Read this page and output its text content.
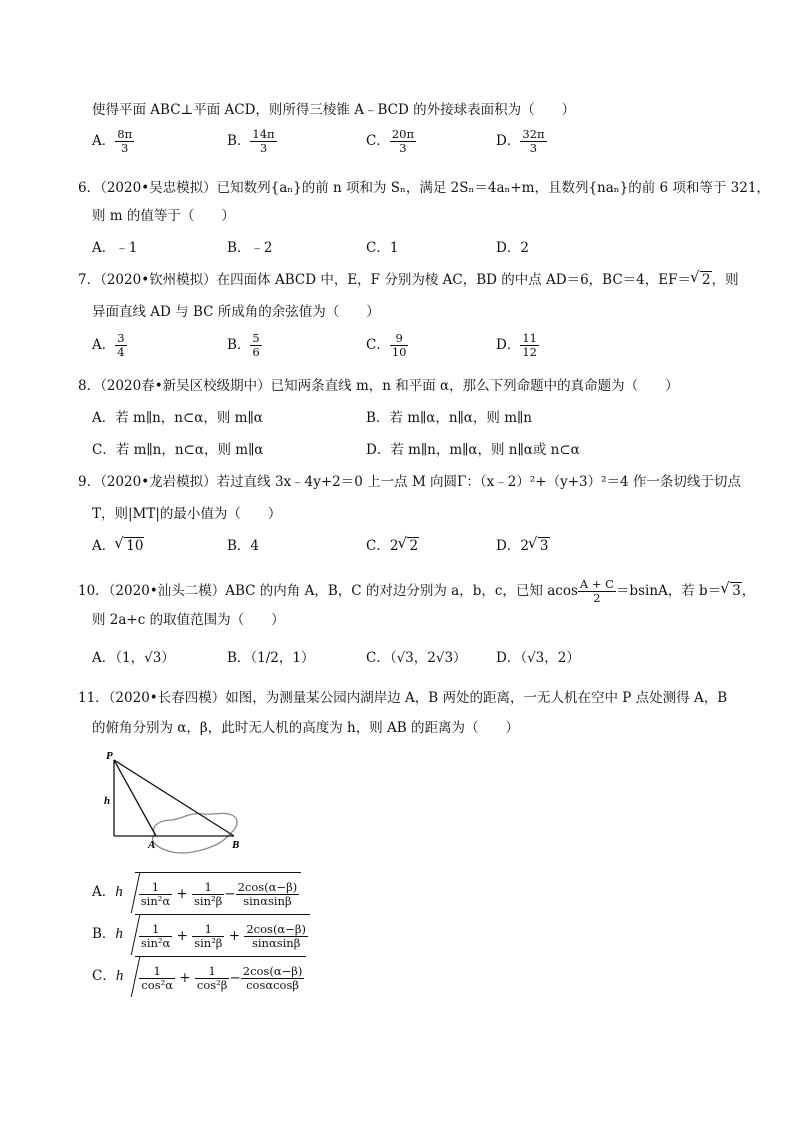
使得平面 ABC⊥平面 ACD，则所得三棱锥 A﹣BCD 的外接球表面积为（　　）
A． $\frac{8\pi}{3}$	B． $\frac{14\pi}{3}$	C． $\frac{20\pi}{3}$	D． $\frac{32\pi}{3}$
6．（2020•吴忠模拟）已知数列{aₙ}的前 n 项和为 Sₙ，满足 2Sₙ＝4aₙ+m，且数列{naₙ}的前 6 项和等于 321，
则 m 的值等于（　　）
A．﹣1	B．﹣2	C．1	D．2
7．（2020•钦州模拟）在四面体 ABCD 中，E，F 分别为棱 AC，BD 的中点 AD＝6，BC＝4，EF＝ √ 2，则
异面直线 AD 与 BC 所成角的余弦值为（　　）
A． $\frac{3}{4}$	B． $\frac{5}{6}$	C． $\frac{9}{10}$	D． $\frac{11}{12}$
8．（2020春•新吴区校级期中）已知两条直线 m，n 和平面 α，那么下列命题中的真命题为（　　）
A．若 m∥n，n⊂α，则 m∥α	B．若 m∥α，n∥α，则 m∥n
C．若 m∥n，n⊂α，则 m∥α	D．若 m∥n，m∥α，则 n∥α或 n⊂α
9．（2020•龙岩模拟）若过直线 3x﹣4y+2＝0 上一点 M 向圆Γ：（x﹣2）²+（y+3）²＝4 作一条切线于切点
T，则|MT|的最小值为（　　）
A． √ 10	B．4	C．2 √ 2	D．2 √ 3
10．（2020•汕头二模）ABC 的内角 A，B，C 的对边分别为 a，b，c，已知 acos $\frac{A + C}{2} =bsinA$，若 b＝ √ 3，
则 2a+c 的取值范围为（　　）
A．（1，√3）	B．（1/2，1）	C．（√3，2√3） D．（√3，2）
11．（2020•长春四模）如图，为测量某公园内湖岸边 A，B 两处的距离，一无人机在空中 P 点处测得 A，B
的俯角分别为 α，β，此时无人机的高度为 h，则 AB 的距离为（　　）
P
h
A	B
A．h $\frac{1}{\text{sin²α}} + \frac{1}{\text{sin²β}} - \frac{2\cos(\alpha-\beta)}{\sin\alpha\sin\beta}$
B．h $\frac{1}{\text{sin²α}} + \frac{1}{\text{sin²β}} + \frac{2\cos(\alpha-\beta)}{\sin\alpha\sin\beta}$
C．h $\frac{1}{\text{cos²α}} + \frac{1}{\text{cos²β}} - \frac{2\cos(\alpha-\beta)}{\cos\alpha\cos\beta}$
